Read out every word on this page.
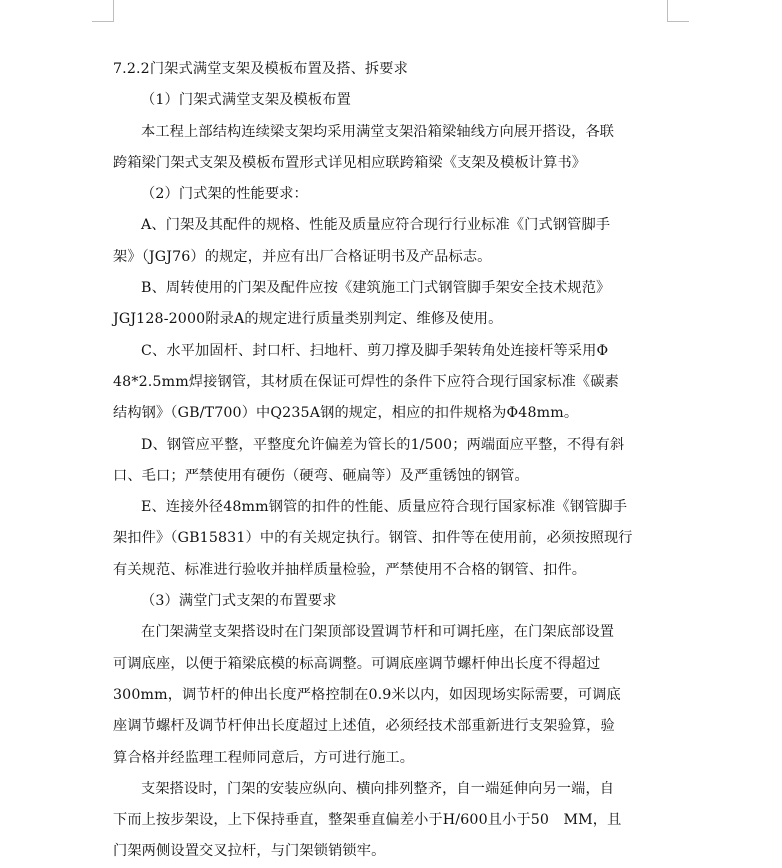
7.2.2门架式满堂支架及模板布置及搭、拆要求
（1）门架式满堂支架及模板布置
本工程上部结构连续梁支架均采用满堂支架沿箱梁轴线方向展开搭设，各联
跨箱梁门架式支架及模板布置形式详见相应联跨箱梁《支架及模板计算书》
（2）门式架的性能要求：
A、门架及其配件的规格、性能及质量应符合现行行业标准《门式钢管脚手
架》（JGJ76）的规定，并应有出厂合格证明书及产品标志。
B、周转使用的门架及配件应按《建筑施工门式钢管脚手架安全技术规范》
JGJ128-2000附录A的规定进行质量类别判定、维修及使用。
C、水平加固杆、封口杆、扫地杆、剪刀撑及脚手架转角处连接杆等采用Φ
48*2.5mm焊接钢管，其材质在保证可焊性的条件下应符合现行国家标准《碳素
结构钢》（GB/T700）中Q235A钢的规定，相应的扣件规格为Φ48mm。
D、钢管应平整，平整度允许偏差为管长的1/500；两端面应平整，不得有斜
口、毛口；严禁使用有硬伤（硬弯、砸扁等）及严重锈蚀的钢管。
E、连接外径48mm钢管的扣件的性能、质量应符合现行国家标准《钢管脚手
架扣件》（GB15831）中的有关规定执行。钢管、扣件等在使用前，必须按照现行
有关规范、标准进行验收并抽样质量检验，严禁使用不合格的钢管、扣件。
（3）满堂门式支架的布置要求
在门架满堂支架搭设时在门架顶部设置调节杆和可调托座，在门架底部设置
可调底座，以便于箱梁底模的标高调整。可调底座调节螺杆伸出长度不得超过
300mm，调节杆的伸出长度严格控制在0.9米以内，如因现场实际需要，可调底
座调节螺杆及调节杆伸出长度超过上述值，必须经技术部重新进行支架验算，验
算合格并经监理工程师同意后，方可进行施工。
支架搭设时，门架的安装应纵向、横向排列整齐，自一端延伸向另一端，自
下而上按步架设，上下保持垂直，整架垂直偏差小于H/600且小于50　MM，且
门架两侧设置交叉拉杆，与门架锁销锁牢。
